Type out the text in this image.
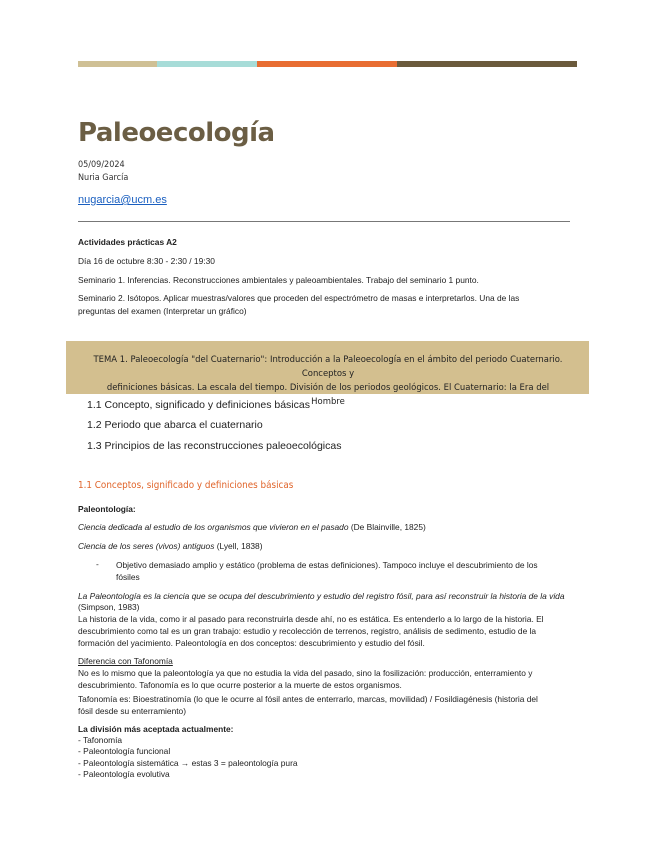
Paleoecología
05/09/2024
Nuria García
nugarcia@ucm.es
Actividades prácticas A2
Día 16 de octubre 8:30 - 2:30 / 19:30
Seminario 1. Inferencias. Reconstrucciones ambientales y paleoambientales. Trabajo del seminario 1 punto.
Seminario 2. Isótopos. Aplicar muestras/valores que proceden del espectrómetro de masas e interpretarlos. Una de las
preguntas del examen (Interpretar un gráfico)
TEMA 1. Paleoecología "del Cuaternario": Introducción a la Paleoecología en el ámbito del periodo Cuaternario. Conceptos y
definiciones básicas. La escala del tiempo. División de los periodos geológicos. El Cuaternario: la Era del Hombre
1.1 Concepto, significado y definiciones básicas
1.2 Periodo que abarca el cuaternario
1.3 Principios de las reconstrucciones paleoecológicas
1.1 Conceptos, significado y definiciones básicas
Paleontología:
Ciencia dedicada al estudio de los organismos que vivieron en el pasado (De Blainville, 1825)
Ciencia de los seres (vivos) antiguos (Lyell, 1838)
- Objetivo demasiado amplio y estático (problema de estas definiciones). Tampoco incluye el descubrimiento de los
fósiles
La Paleontología es la ciencia que se ocupa del descubrimiento y estudio del registro fósil, para así reconstruir la historia de la vida
(Simpson, 1983)
La historia de la vida, como ir al pasado para reconstruirla desde ahí, no es estática. Es entenderlo a lo largo de la historia. El
descubrimiento como tal es un gran trabajo: estudio y recolección de terrenos, registro, análisis de sedimento, estudio de la
formación del yacimiento. Paleontología en dos conceptos: descubrimiento y estudio del fósil.
Diferencia con Tafonomía
No es lo mismo que la paleontología ya que no estudia la vida del pasado, sino la fosilización: producción, enterramiento y
descubrimiento. Tafonomía es lo que ocurre posterior a la muerte de estos organismos.
Tafonomía es: Bioestratinomía (lo que le ocurre al fósil antes de enterrarlo, marcas, movilidad) / Fosildiagénesis (historia del
fósil desde su enterramiento)
La división más aceptada actualmente:
- Tafonomía
- Paleontología funcional
- Paleontología sistemática → estas 3 = paleontología pura
- Paleontología evolutiva
